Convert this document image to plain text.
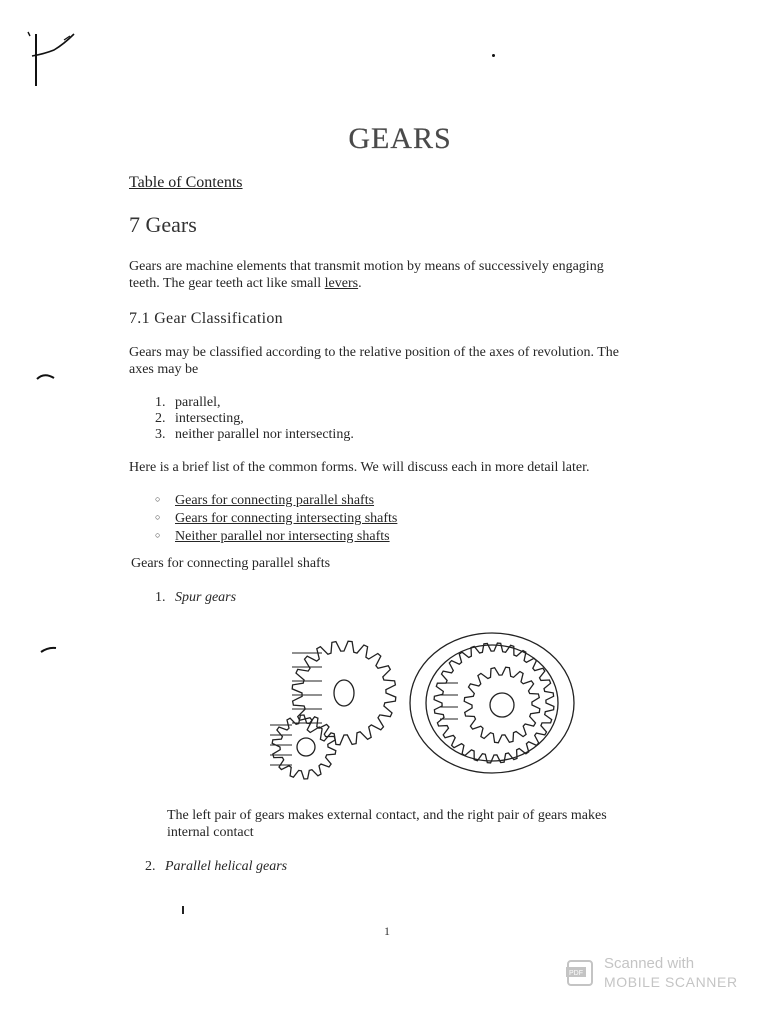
GEARS
Table of Contents
7 Gears
Gears are machine elements that transmit motion by means of successively engaging
teeth. The gear teeth act like small levers.
7.1 Gear Classification
Gears may be classified according to the relative position of the axes of revolution. The
axes may be
1. parallel,
2. intersecting,
3. neither parallel nor intersecting.
Here is a brief list of the common forms. We will discuss each in more detail later.
○ Gears for connecting parallel shafts
○ Gears for connecting intersecting shafts
○ Neither parallel nor intersecting shafts
Gears for connecting parallel shafts
1. Spur gears
The left pair of gears makes external contact, and the right pair of gears makes
internal contact
2. Parallel helical gears
1
PDF
Scanned with
MOBILE SCANNER
